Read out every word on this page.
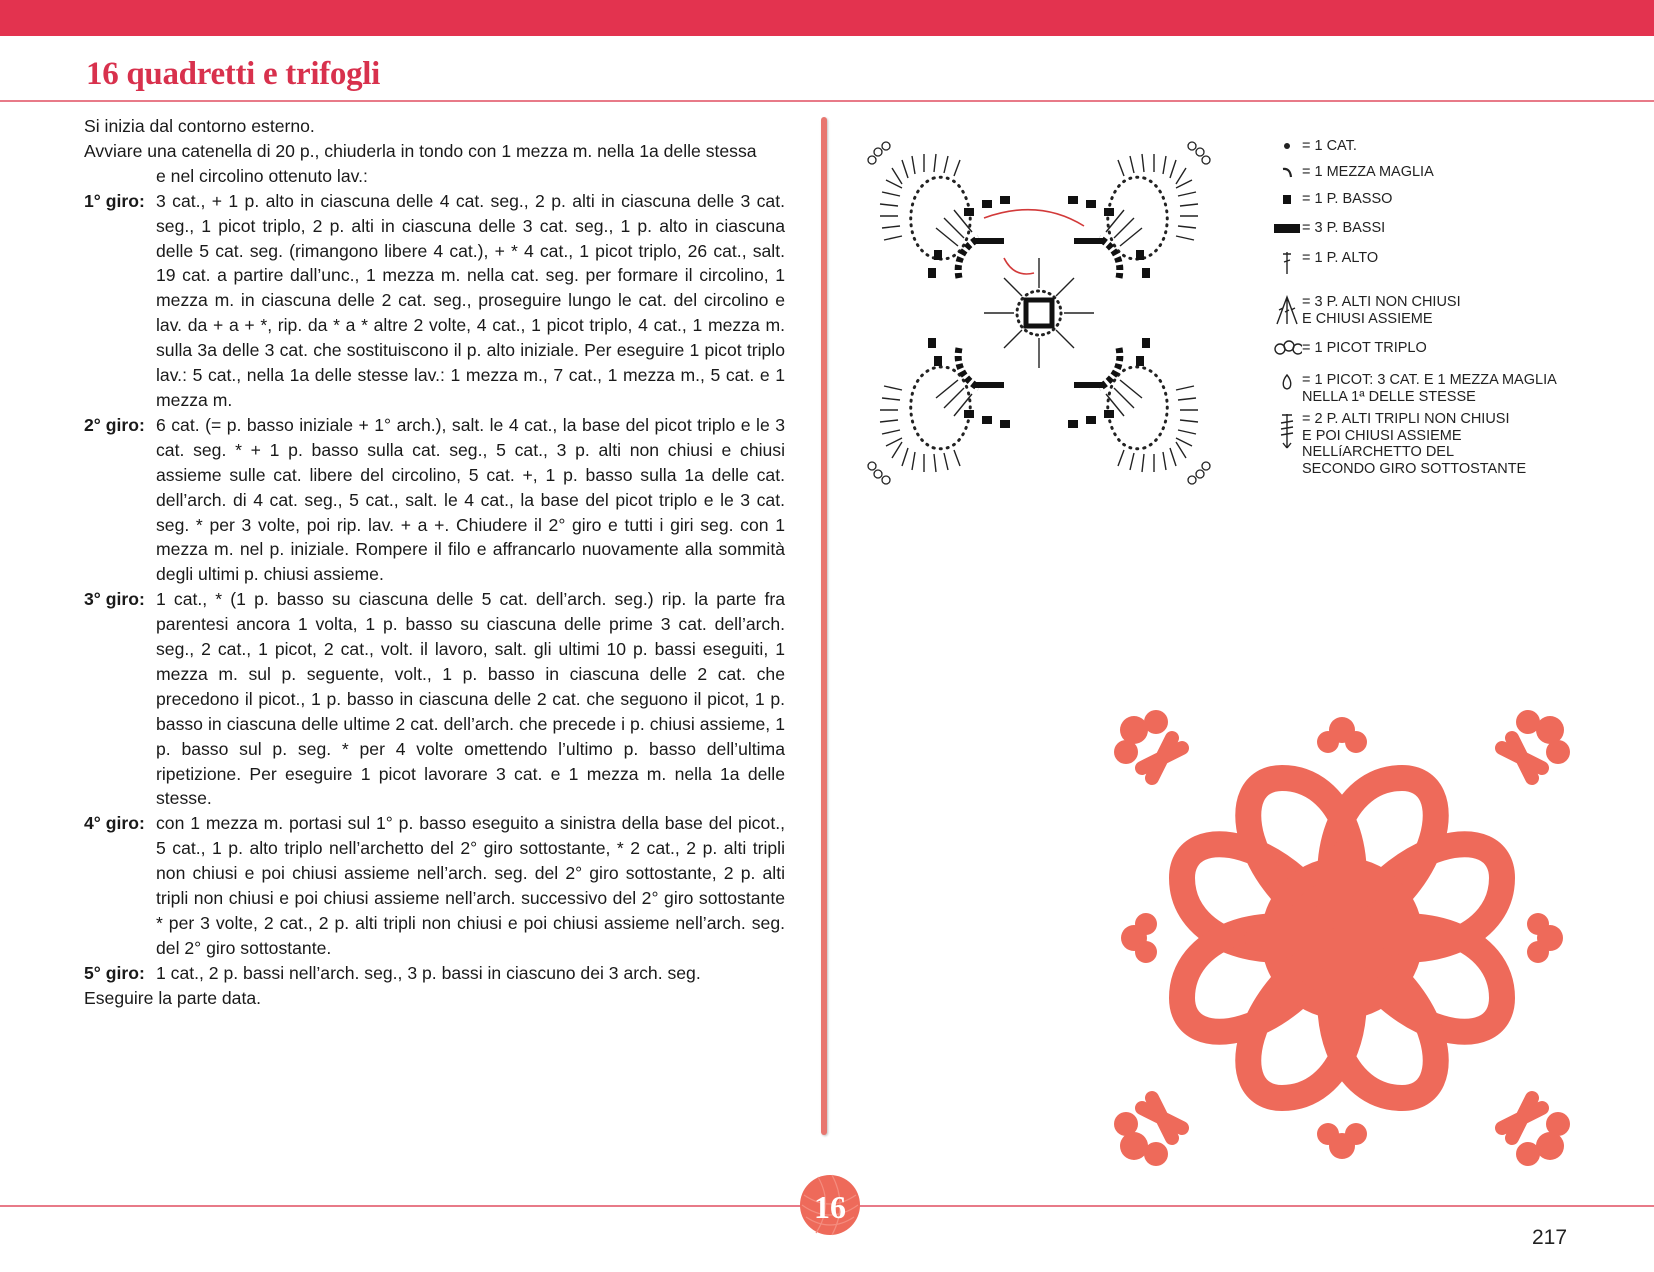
16 quadretti e trifogli

Si inizia dal contorno esterno.

Avviare una catenella di 20 p., chiuderla in tondo con 1 mezza m. nella 1a delle stessa

e nel circolino ottenuto lav.:

1° giro: 3 cat., + 1 p. alto in ciascuna delle 4 cat. seg., 2 p. alti in ciascuna delle 3 cat. seg., 1 picot triplo, 2 p. alti in ciascuna delle 3 cat. seg., 1 p. alto in ciascuna delle 5 cat. seg. (rimangono libere 4 cat.), + * 4 cat., 1 picot triplo, 26 cat., salt. 19 cat. a partire dall’unc., 1 mezza m. nella cat. seg. per formare il circolino, 1 mezza m. in ciascuna delle 2 cat. seg., proseguire lungo le cat. del circolino e lav. da + a + *, rip. da * a * altre 2 volte, 4 cat., 1 picot triplo, 4 cat., 1 mezza m. sulla 3a delle 3 cat. che sostituiscono il p. alto iniziale. Per eseguire 1 picot triplo lav.: 5 cat., nella 1a delle stesse lav.: 1 mezza m., 7 cat., 1 mezza m., 5 cat. e 1 mezza m.
2° giro: 6 cat. (= p. basso iniziale + 1° arch.), salt. le 4 cat., la base del picot triplo e le 3 cat. seg. * + 1 p. basso sulla cat. seg., 5 cat., 3 p. alti non chiusi e chiusi assieme sulle cat. libere del circolino, 5 cat. +, 1 p. basso sulla 1a delle cat. dell’arch. di 4 cat. seg., 5 cat., salt. le 4 cat., la base del picot triplo e le 3 cat. seg. * per 3 volte, poi rip. lav. + a +. Chiudere il 2° giro e tutti i giri seg. con 1 mezza m. nel p. iniziale. Rompere il filo e affrancarlo nuovamente alla sommità degli ultimi p. chiusi assieme.
3° giro: 1 cat., * (1 p. basso su ciascuna delle 5 cat. dell’arch. seg.) rip. la parte fra parentesi ancora 1 volta, 1 p. basso su ciascuna delle prime 3 cat. dell’arch. seg., 2 cat., 1 picot, 2 cat., volt. il lavoro, salt. gli ultimi 10 p. bassi eseguiti, 1 mezza m. sul p. seguente, volt., 1 p. basso in ciascuna delle 2 cat. che precedono il picot., 1 p. basso in ciascuna delle 2 cat. che seguono il picot, 1 p. basso in ciascuna delle ultime 2 cat. dell’arch. che precede i p. chiusi assieme, 1 p. basso sul p. seg. * per 4 volte omettendo l’ultimo p. basso dell’ultima ripetizione. Per eseguire 1 picot lavorare 3 cat. e 1 mezza m. nella 1a delle stesse.
4° giro: con 1 mezza m. portasi sul 1° p. basso eseguito a sinistra della base del picot., 5 cat., 1 p. alto triplo nell’archetto del 2° giro sottostante, * 2 cat., 2 p. alti tripli non chiusi e poi chiusi assieme nell’arch. seg. del 2° giro sottostante, 2 p. alti tripli non chiusi e poi chiusi assieme nell’arch. successivo del 2° giro sottostante * per 3 volte, 2 cat., 2 p. alti tripli non chiusi e poi chiusi assieme nell’arch. seg. del 2° giro sottostante.
5° giro: 1 cat., 2 p. bassi nell’arch. seg., 3 p. bassi in ciascuno dei 3 arch. seg.

Eseguire la parte data.

= 1 CAT.
= 1 MEZZA MAGLIA
= 1 P. BASSO
= 3 P. BASSI
= 1 P. ALTO
= 3 P. ALTI NON CHIUSI
E CHIUSI ASSIEME
= 1 PICOT TRIPLO
= 1 PICOT: 3 CAT. E 1 MEZZA MAGLIA
NELLA 1ª DELLE STESSE
= 2 P. ALTI TRIPLI NON CHIUSI
E POI CHIUSI ASSIEME
NELLíARCHETTO DEL
SECONDO GIRO SOTTOSTANTE
16
217
